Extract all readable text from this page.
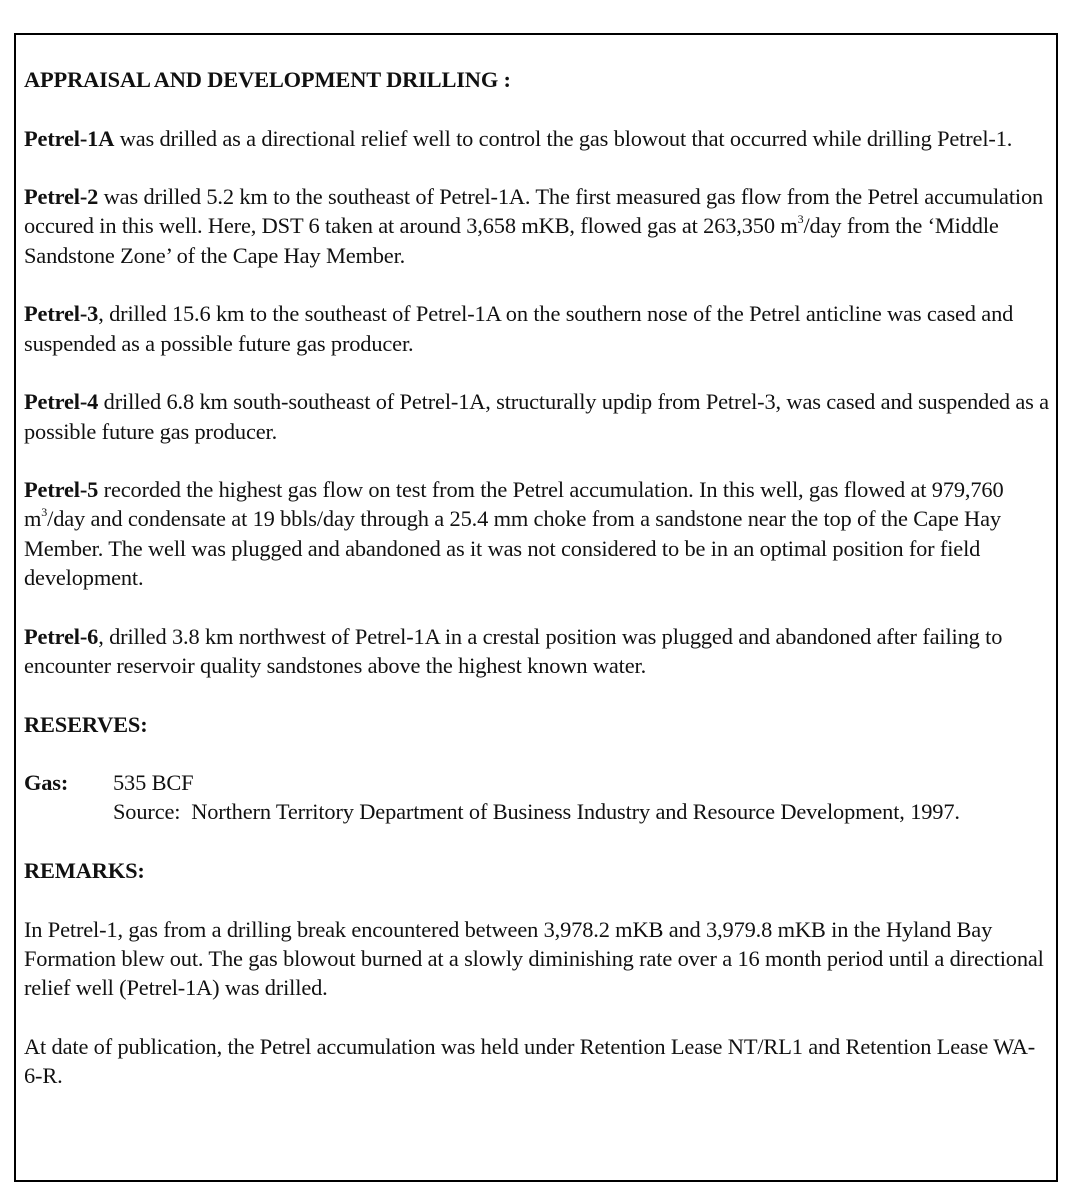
APPRAISAL AND DEVELOPMENT DRILLING :

Petrel-1A was drilled as a directional relief well to control the gas blowout that occurred while drilling Petrel-1.

Petrel-2 was drilled 5.2 km to the southeast of Petrel-1A. The first measured gas flow from the Petrel accumulation occured in this well. Here, DST 6 taken at around 3,658 mKB, flowed gas at 263,350 $m^3$/day from the ‘Middle Sandstone Zone’ of the Cape Hay Member.

Petrel-3, drilled 15.6 km to the southeast of Petrel-1A on the southern nose of the Petrel anticline was cased and suspended as a possible future gas producer.

Petrel-4 drilled 6.8 km south-southeast of Petrel-1A, structurally updip from Petrel-3, was cased and suspended as a possible future gas producer.

Petrel-5 recorded the highest gas flow on test from the Petrel accumulation. In this well, gas flowed at 979,760 $m^3$/day and condensate at 19 bbls/day through a 25.4 mm choke from a sandstone near the top of the Cape Hay Member. The well was plugged and abandoned as it was not considered to be in an optimal position for field development.

Petrel-6, drilled 3.8 km northwest of Petrel-1A in a crestal position was plugged and abandoned after failing to encounter reservoir quality sandstones above the highest known water.

RESERVES:

Gas:	535 BCF

Source:  Northern Territory Department of Business Industry and Resource Development, 1997.

REMARKS:

In Petrel-1, gas from a drilling break encountered between 3,978.2 mKB and 3,979.8 mKB in the Hyland Bay Formation blew out. The gas blowout burned at a slowly diminishing rate over a 16 month period until a directional relief well (Petrel-1A) was drilled.

At date of publication, the Petrel accumulation was held under Retention Lease NT/RL1 and Retention Lease WA-6-R.
